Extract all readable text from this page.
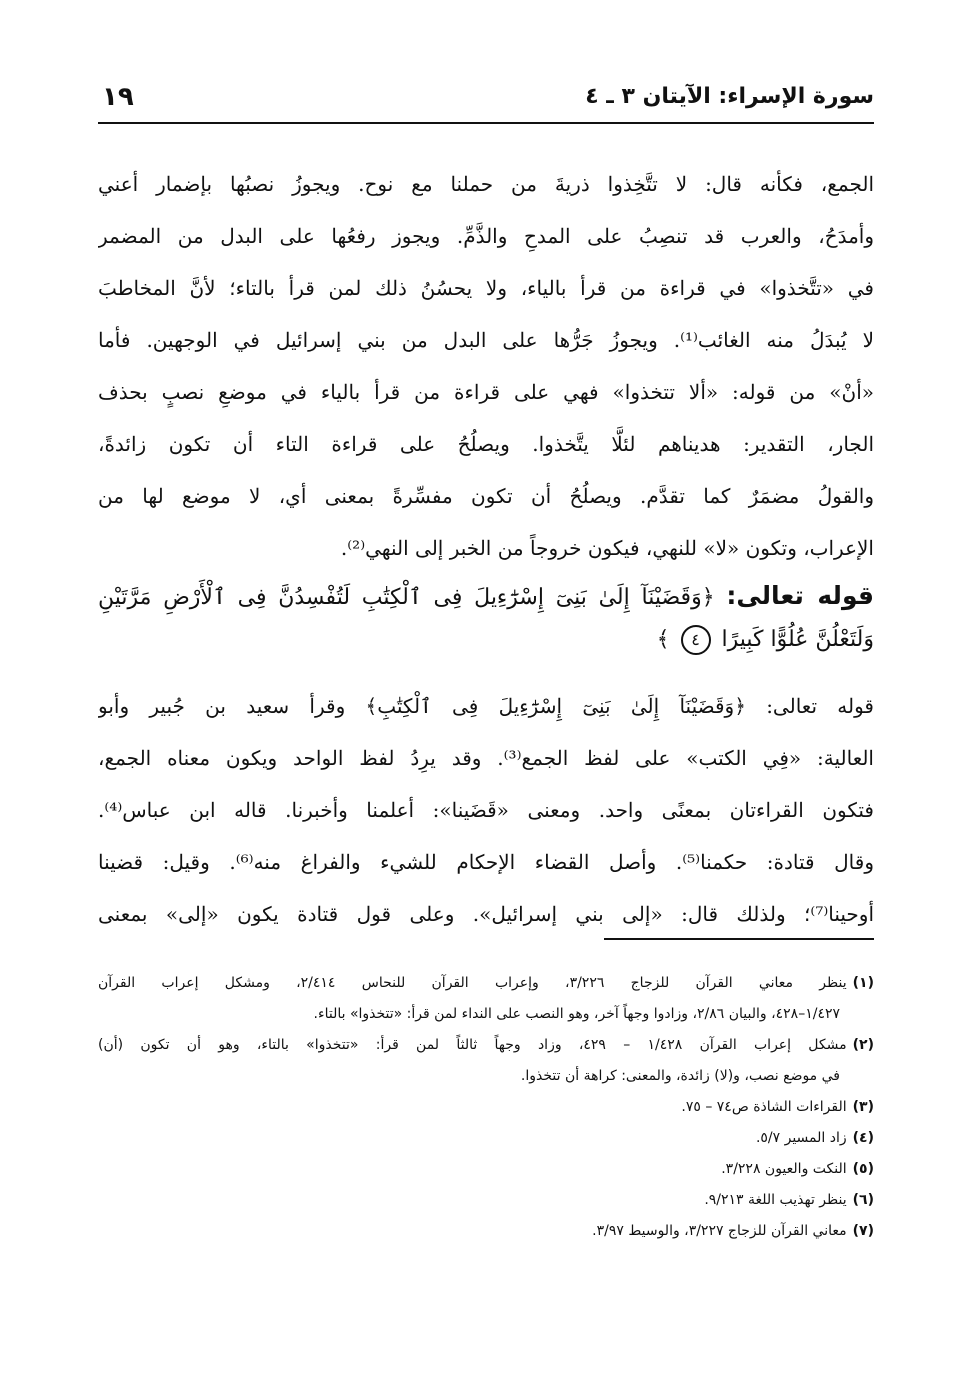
سورة الإسراء: الآيتان ٣ ـ ٤
١٩
الجمع، فكأنه قال: لا تتَّخِذوا ذريةَ من حملنا مع نوح. ويجوزُ نصبُها بإضمار أعني
وأمدَحُ، والعرب قد تنصِبُ على المدحِ والذَّمِّ. ويجوز رفعُها على البدل من المضمر
في «تتَّخذوا» في قراءة من قرأ بالياء، ولا يحسُنُ ذلك لمن قرأ بالتاء؛ لأنَّ المخاطبَ
لا يُبدَلُ منه الغائب⁽¹⁾. ويجوزُ جَرُّها على البدل من بني إسرائيل في الوجهين. فأما
«أنْ» من قوله: «ألا تتخذوا» فهي على قراءة من قرأ بالياء في موضعِ نصبٍ بحذف
الجار، التقدير: هديناهم لئلَّا يتَّخذوا. ويصلُحُ على قراءة التاء أن تكون زائدةً،
والقولُ مضمَرٌ كما تقدَّم. ويصلُحُ أن تكون مفسِّرةً بمعنى أي، لا موضع لها من
الإعراب، وتكون «لا» للنهي، فيكون خروجاً من الخبر إلى النهي⁽²⁾.
قوله تعالى: ﴿وَقَضَيْنَآ إِلَىٰ بَنِىٓ إِسْرَٰٓءِيلَ فِى ٱلْكِتَٰبِ لَتُفْسِدُنَّ فِى ٱلْأَرْضِ مَرَّتَيْنِ
وَلَتَعْلُنَّ عُلُوًّا كَبِيرًا ٤ ﴾
قوله تعالى: ﴿وَقَضَيْنَآ إِلَىٰ بَنِىٓ إِسْرَٰٓءِيلَ فِى ٱلْكِتَٰبِ﴾ وقرأ سعيد بن جُبير وأبو
العالية: «فِي الكتب» على لفظ الجمع⁽³⁾. وقد يرِدُ لفظ الواحد ويكون معناه الجمع،
فتكون القراءتان بمعنًى واحد. ومعنى «قَضَينا»: أعلمنا وأخبرنا. قاله ابن عباس⁽⁴⁾.
وقال قتادة: حكمنا⁽⁵⁾. وأصل القضاء الإحكام للشيء والفراغ منه⁽⁶⁾. وقيل: قضينا
أوحينا⁽⁷⁾؛ ولذلك قال: «إلى بني إسرائيل». وعلى قول قتادة يكون «إلى» بمعنى
(١)ينظر معاني القرآن للزجاج ٣/٢٢٦، وإعراب القرآن للنحاس ٢/٤١٤، ومشكل إعراب القرآن
١/٤٢٧–٤٢٨، والبيان ٢/٨٦، وزادوا وجهاً آخر، وهو النصب على النداء لمن قرأ: «تتخذوا» بالتاء.
(٢)مشكل إعراب القرآن ١/٤٢٨ – ٤٢٩، وزاد وجهاً ثالثاً لمن قرأ: «تتخذوا» بالتاء، وهو أن تكون (أن)
في موضع نصب، و(لا) زائدة، والمعنى: كراهة أن تتخذوا.
(٣)القراءات الشاذة ص٧٤ – ٧٥.
(٤)زاد المسير ٥/٧.
(٥)النكت والعيون ٣/٢٢٨.
(٦)ينظر تهذيب اللغة ٩/٢١٣.
(٧)معاني القرآن للزجاج ٣/٢٢٧، والوسيط ٣/٩٧.
